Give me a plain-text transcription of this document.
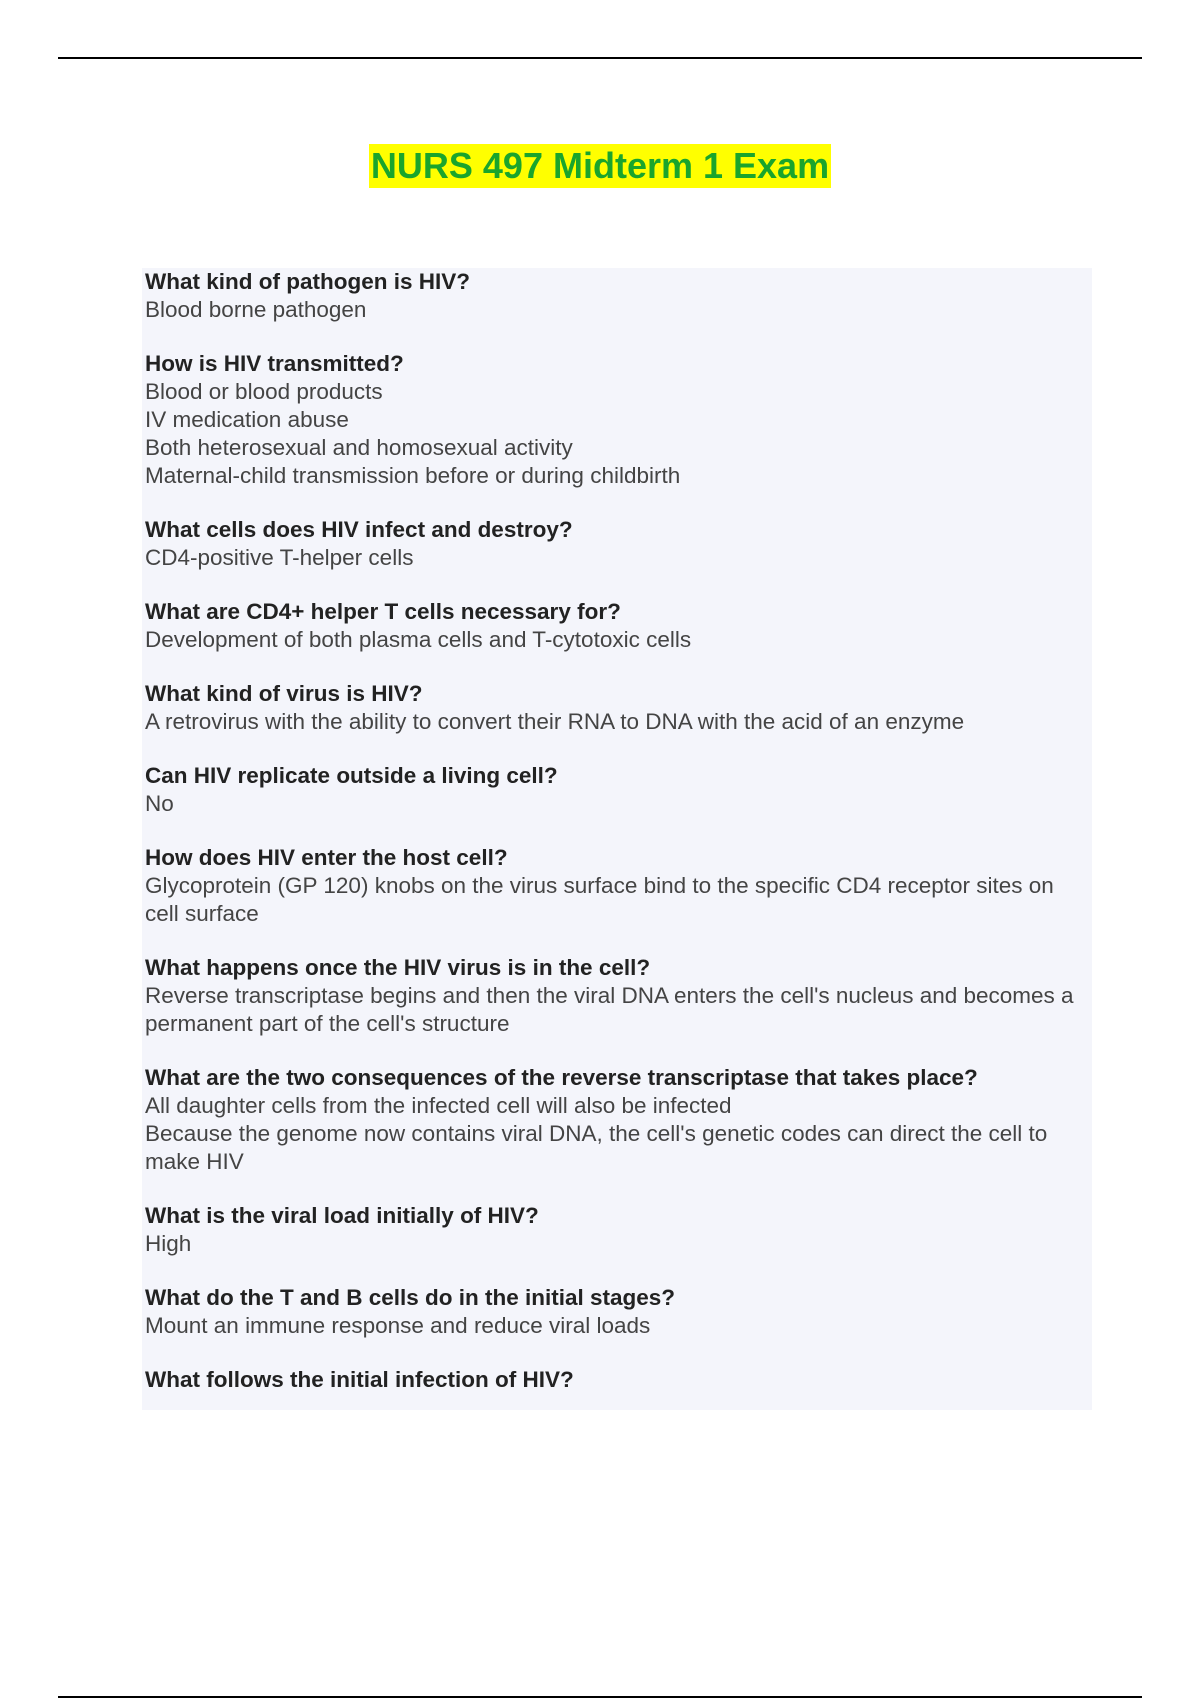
NURS 497 Midterm 1 Exam
What kind of pathogen is HIV?
Blood borne pathogen
How is HIV transmitted?
Blood or blood products
IV medication abuse
Both heterosexual and homosexual activity
Maternal-child transmission before or during childbirth
What cells does HIV infect and destroy?
CD4-positive T-helper cells
What are CD4+ helper T cells necessary for?
Development of both plasma cells and T-cytotoxic cells
What kind of virus is HIV?
A retrovirus with the ability to convert their RNA to DNA with the acid of an enzyme
Can HIV replicate outside a living cell?
No
How does HIV enter the host cell?
Glycoprotein (GP 120) knobs on the virus surface bind to the specific CD4 receptor sites on cell surface
What happens once the HIV virus is in the cell?
Reverse transcriptase begins and then the viral DNA enters the cell's nucleus and becomes a permanent part of the cell's structure
What are the two consequences of the reverse transcriptase that takes place?
All daughter cells from the infected cell will also be infected
Because the genome now contains viral DNA, the cell's genetic codes can direct the cell to make HIV
What is the viral load initially of HIV?
High
What do the T and B cells do in the initial stages?
Mount an immune response and reduce viral loads
What follows the initial infection of HIV?
